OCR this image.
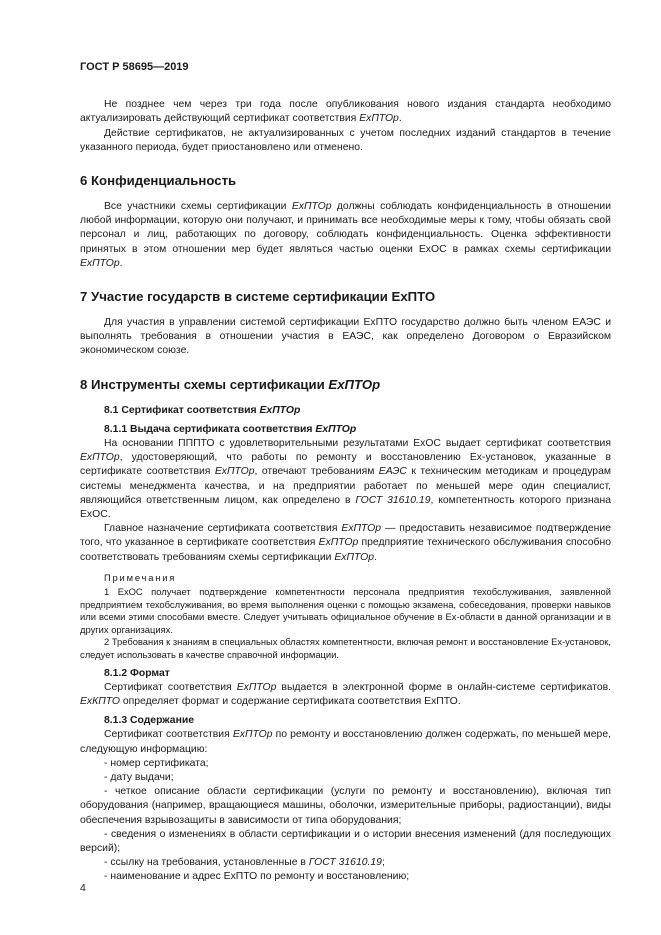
ГОСТ Р 58695—2019

Не позднее чем через три года после опубликования нового издания стандарта необходимо актуализировать действующий сертификат соответствия ExПТОр.

Действие сертификатов, не актуализированных с учетом последних изданий стандартов в течение указанного периода, будет приостановлено или отменено.

6 Конфиденциальность

Все участники схемы сертификации ExПТОр должны соблюдать конфиденциальность в отношении любой информации, которую они получают, и принимать все необходимые меры к тому, чтобы обязать свой персонал и лиц, работающих по договору, соблюдать конфиденциальность. Оценка эффективности принятых в этом отношении мер будет являться частью оценки ExОС в рамках схемы сертификации ExПТОр.

7 Участие государств в системе сертификации ExПТО

Для участия в управлении системой сертификации ExПТО государство должно быть членом ЕАЭС и выполнять требования в отношении участия в ЕАЭС, как определено Договором о Евразийском экономическом союзе.

8 Инструменты схемы сертификации ExПТОр
8.1 Сертификат соответствия ExПТОр
8.1.1 Выдача сертификата соответствия ExПТОр

На основании ПППТО с удовлетворительными результатами ExОС выдает сертификат соответствия ExПТОр, удостоверяющий, что работы по ремонту и восстановлению Ex-установок, указанные в сертификате соответствия ExПТОр, отвечают требованиям ЕАЭС к техническим методикам и процедурам системы менеджмента качества, и на предприятии работает по меньшей мере один специалист, являющийся ответственным лицом, как определено в ГОСТ 31610.19, компетентность которого признана ExОС.

Главное назначение сертификата соответствия ExПТОр — предоставить независимое подтверждение того, что указанное в сертификате соответствия ExПТОр предприятие технического обслуживания способно соответствовать требованиям схемы сертификации ExПТОр.

Примечания

1 ExОС получает подтверждение компетентности персонала предприятия техобслуживания, заявленной предприятием техобслуживания, во время выполнения оценки с помощью экзамена, собеседования, проверки навыков или всеми этими способами вместе. Следует учитывать официальное обучение в Ex-области в данной организации и в других организациях.

2 Требования к знаниям в специальных областях компетентности, включая ремонт и восстановление Ex-установок, следует использовать в качестве справочной информации.

8.1.2 Формат

Сертификат соответствия ExПТОр выдается в электронной форме в онлайн-системе сертификатов. ExКПТО определяет формат и содержание сертификата соответствия ExПТО.

8.1.3 Содержание

Сертификат соответствия ExПТОр по ремонту и восстановлению должен содержать, по меньшей мере, следующую информацию:

- номер сертификата;

- дату выдачи;

- четкое описание области сертификации (услуги по ремонту и восстановлению), включая тип оборудования (например, вращающиеся машины, оболочки, измерительные приборы, радиостанции), виды обеспечения взрывозащиты в зависимости от типа оборудования;

- сведения о изменениях в области сертификации и о истории внесения изменений (для последующих версий);

- ссылку на требования, установленные в ГОСТ 31610.19;

- наименование и адрес ExПТО по ремонту и восстановлению;

4
